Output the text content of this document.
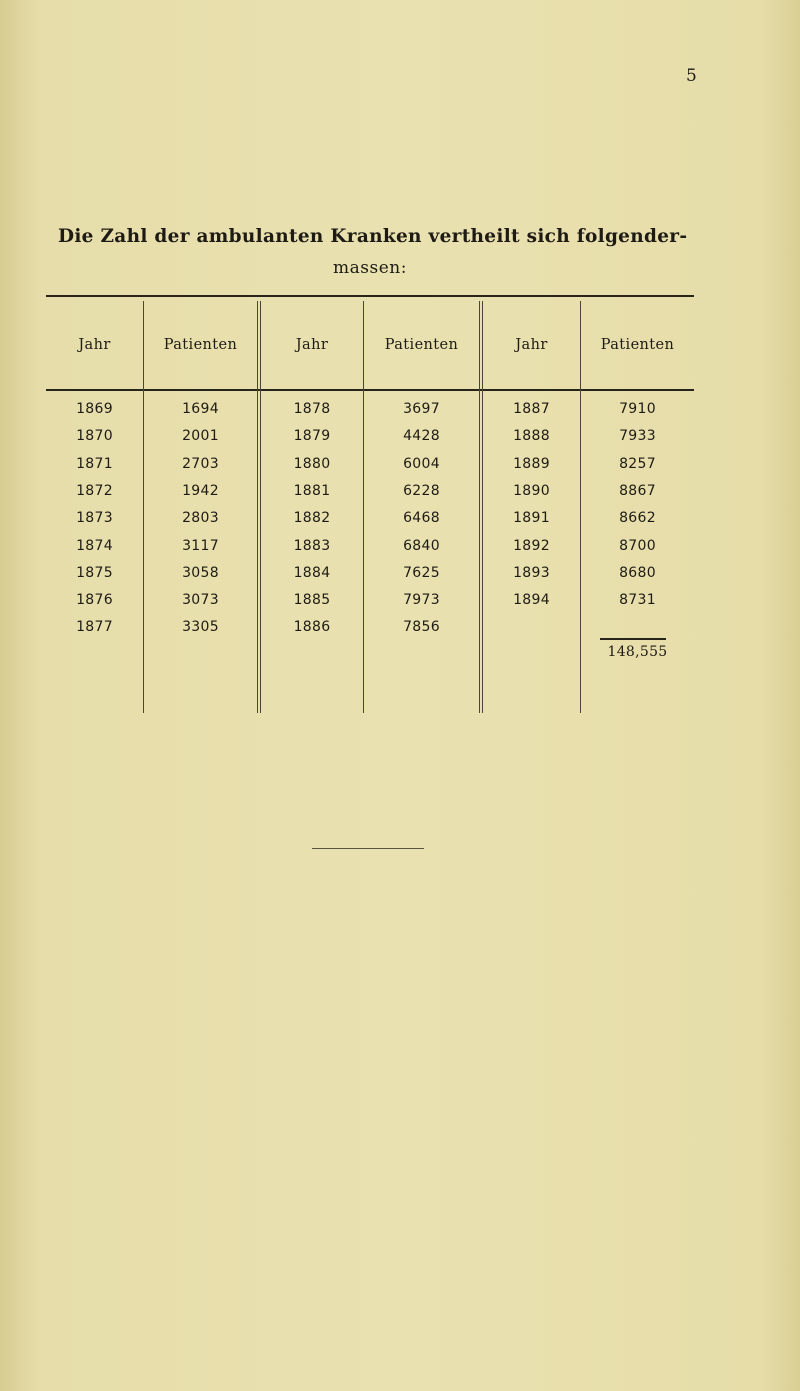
5
Die Zahl der ambulanten Kranken vertheilt sich folgender-
massen:
Jahr	Patienten	Jahr	Patienten	Jahr	Patienten
1869	1694	1878	3697	1887	7910
1870	2001	1879	4428	1888	7933
1871	2703	1880	6004	1889	8257
1872	1942	1881	6228	1890	8867
1873	2803	1882	6468	1891	8662
1874	3117	1883	6840	1892	8700
1875	3058	1884	7625	1893	8680
1876	3073	1885	7973	1894	8731
1877	3305	1886	7856
148,555
